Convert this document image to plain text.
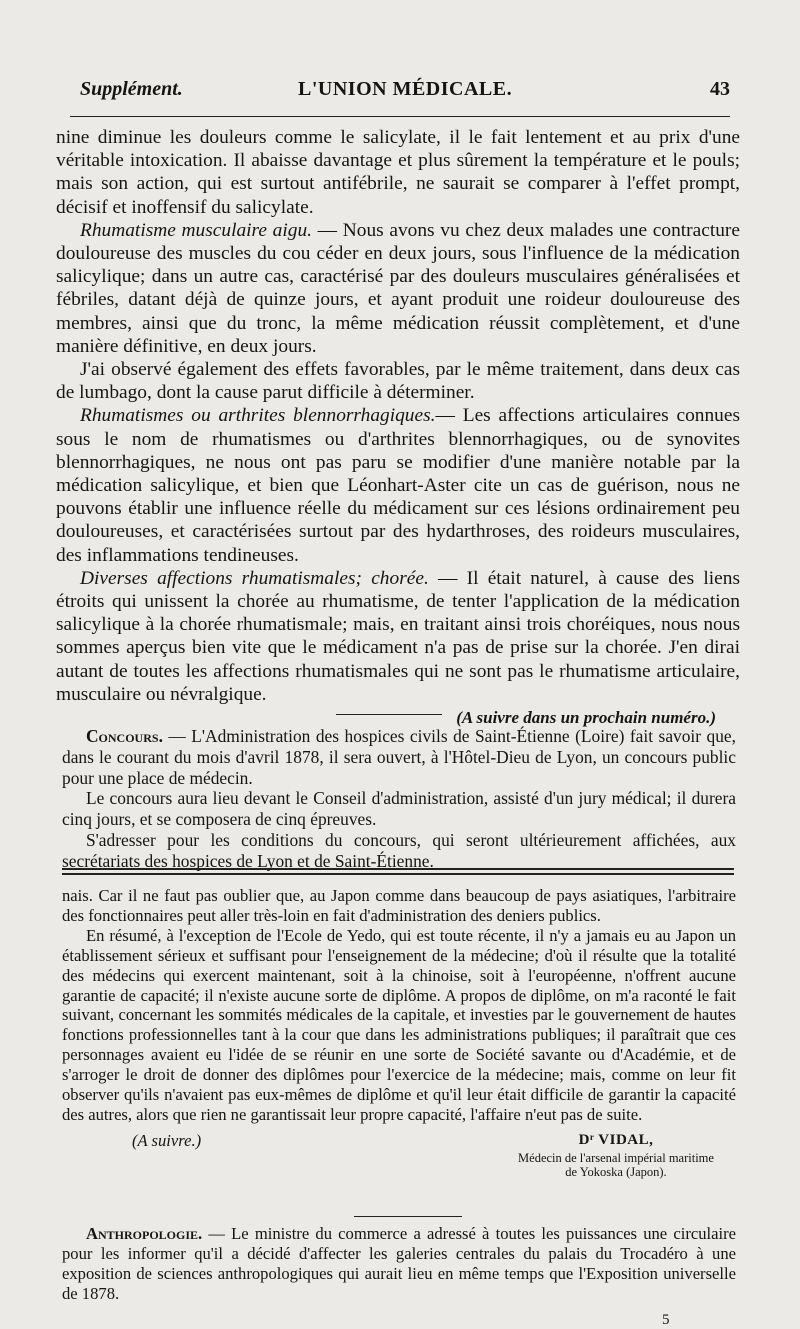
Supplément.	L'UNION MÉDICALE.	43

nine diminue les douleurs comme le salicylate, il le fait lentement et au prix d'une véritable intoxication. Il abaisse davantage et plus sûrement la température et le pouls; mais son action, qui est surtout antifébrile, ne saurait se comparer à l'effet prompt, décisif et inoffensif du salicylate.

Rhumatisme musculaire aigu. — Nous avons vu chez deux malades une contracture douloureuse des muscles du cou céder en deux jours, sous l'influence de la médication salicylique; dans un autre cas, caractérisé par des douleurs musculaires généralisées et fébriles, datant déjà de quinze jours, et ayant produit une roideur douloureuse des membres, ainsi que du tronc, la même médication réussit complètement, et d'une manière définitive, en deux jours.

J'ai observé également des effets favorables, par le même traitement, dans deux cas de lumbago, dont la cause parut difficile à déterminer.

Rhumatismes ou arthrites blennorrhagiques.— Les affections articulaires connues sous le nom de rhumatismes ou d'arthrites blennorrhagiques, ou de synovites blennorrhagiques, ne nous ont pas paru se modifier d'une manière notable par la médication salicylique, et bien que Léonhart-Aster cite un cas de guérison, nous ne pouvons établir une influence réelle du médicament sur ces lésions ordinairement peu douloureuses, et caractérisées surtout par des hydarthroses, des roideurs musculaires, des inflammations tendineuses.

Diverses affections rhumatismales; chorée. — Il était naturel, à cause des liens étroits qui unissent la chorée au rhumatisme, de tenter l'application de la médication salicylique à la chorée rhumatismale; mais, en traitant ainsi trois choréiques, nous nous sommes aperçus bien vite que le médicament n'a pas de prise sur la chorée. J'en dirai autant de toutes les affections rhumatismales qui ne sont pas le rhumatisme articulaire, musculaire ou névralgique.

(A suivre dans un prochain numéro.)

Concours. — L'Administration des hospices civils de Saint-Étienne (Loire) fait savoir que, dans le courant du mois d'avril 1878, il sera ouvert, à l'Hôtel-Dieu de Lyon, un concours public pour une place de médecin.

Le concours aura lieu devant le Conseil d'administration, assisté d'un jury médical; il durera cinq jours, et se composera de cinq épreuves.

S'adresser pour les conditions du concours, qui seront ultérieurement affichées, aux secrétariats des hospices de Lyon et de Saint-Étienne.

nais. Car il ne faut pas oublier que, au Japon comme dans beaucoup de pays asiatiques, l'arbitraire des fonctionnaires peut aller très-loin en fait d'administration des deniers publics.

En résumé, à l'exception de l'Ecole de Yedo, qui est toute récente, il n'y a jamais eu au Japon un établissement sérieux et suffisant pour l'enseignement de la médecine; d'où il résulte que la totalité des médecins qui exercent maintenant, soit à la chinoise, soit à l'européenne, n'offrent aucune garantie de capacité; il n'existe aucune sorte de diplôme. A propos de diplôme, on m'a raconté le fait suivant, concernant les sommités médicales de la capitale, et investies par le gouvernement de hautes fonctions professionnelles tant à la cour que dans les administrations publiques; il paraîtrait que ces personnages avaient eu l'idée de se réunir en une sorte de Société savante ou d'Académie, et de s'arroger le droit de donner des diplômes pour l'exercice de la médecine; mais, comme on leur fit observer qu'ils n'avaient pas eux-mêmes de diplôme et qu'il leur était difficile de garantir la capacité des autres, alors que rien ne garantissait leur propre capacité, l'affaire n'eut pas de suite.

(A suivre.)	Dʳ VIDAL,
Médecin de l'arsenal impérial maritime
de Yokoska (Japon).

Anthropologie. — Le ministre du commerce a adressé à toutes les puissances une circulaire pour les informer qu'il a décidé d'affecter les galeries centrales du palais du Trocadéro à une exposition de sciences anthropologiques qui aurait lieu en même temps que l'Exposition universelle de 1878.

5
